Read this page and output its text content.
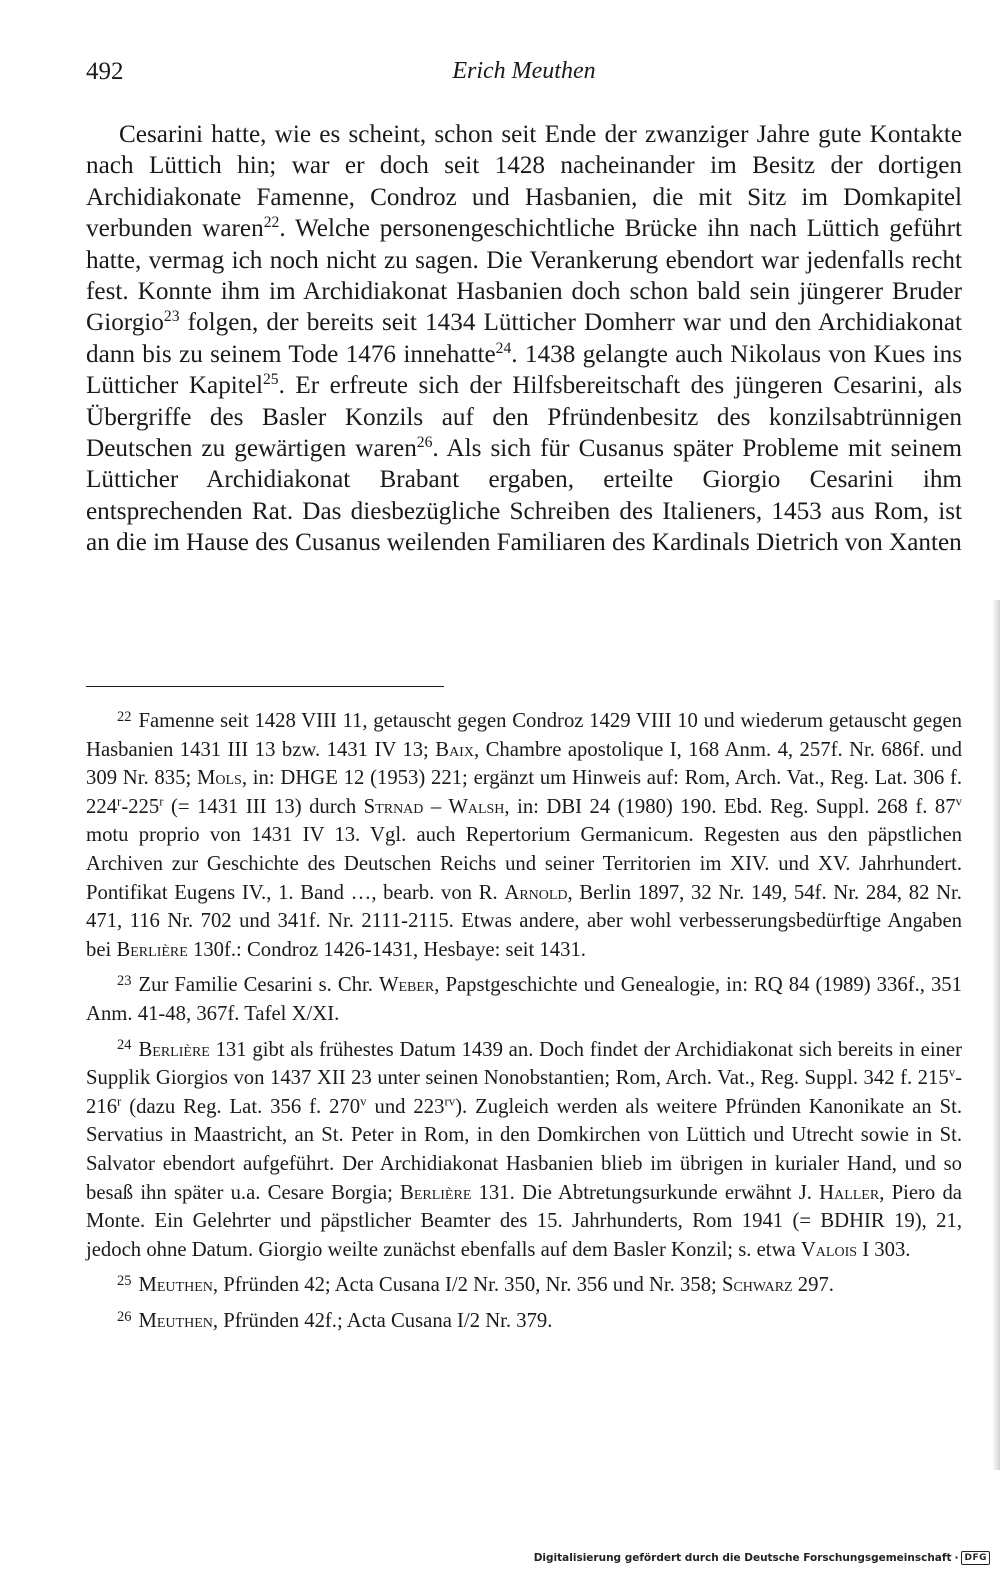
492	Erich Meuthen

Cesarini hatte, wie es scheint, schon seit Ende der zwanziger Jahre gute Kontakte nach Lüttich hin; war er doch seit 1428 nacheinander im Besitz der dortigen Archidiakonate Famenne, Condroz und Hasbanien, die mit Sitz im Domkapitel verbunden waren$^{22}$. Welche personengeschichtliche Brücke ihn nach Lüttich geführt hatte, vermag ich noch nicht zu sagen. Die Verankerung ebendort war jedenfalls recht fest. Konnte ihm im Archidiakonat Hasbanien doch schon bald sein jüngerer Bruder Giorgio$^{23}$ folgen, der bereits seit 1434 Lütticher Domherr war und den Archidiakonat dann bis zu seinem Tode 1476 innehatte$^{24}$. 1438 gelangte auch Nikolaus von Kues ins Lütticher Kapitel$^{25}$. Er erfreute sich der Hilfsbereitschaft des jüngeren Cesarini, als Übergriffe des Basler Konzils auf den Pfründenbesitz des konzilsabtrünnigen Deutschen zu gewärtigen waren$^{26}$. Als sich für Cusanus später Probleme mit seinem Lütticher Archidiakonat Brabant ergaben, erteilte Giorgio Cesarini ihm entsprechenden Rat. Das diesbezügliche Schreiben des Italieners, 1453 aus Rom, ist an die im Hause des Cusanus weilenden Familiaren des Kardinals Dietrich von Xanten

$^{22}$ Famenne seit 1428 VIII 11, getauscht gegen Condroz 1429 VIII 10 und wiederum getauscht gegen Hasbanien 1431 III 13 bzw. 1431 IV 13; Baix, Chambre apostolique I, 168 Anm. 4, 257f. Nr. 686f. und 309 Nr. 835; Mols, in: DHGE 12 (1953) 221; ergänzt um Hinweis auf: Rom, Arch. Vat., Reg. Lat. 306 f. 224$^r$-225$^r$ (= 1431 III 13) durch Strnad – Walsh, in: DBI 24 (1980) 190. Ebd. Reg. Suppl. 268 f. 87$^v$ motu proprio von 1431 IV 13. Vgl. auch Repertorium Germanicum. Regesten aus den päpstlichen Archiven zur Geschichte des Deutschen Reichs und seiner Territorien im XIV. und XV. Jahrhundert. Pontifikat Eugens IV., 1. Band …, bearb. von R. Arnold, Berlin 1897, 32 Nr. 149, 54f. Nr. 284, 82 Nr. 471, 116 Nr. 702 und 341f. Nr. 2111-2115. Etwas andere, aber wohl verbesserungsbedürftige Angaben bei Berlière 130f.: Condroz 1426-1431, Hesbaye: seit 1431.

$^{23}$ Zur Familie Cesarini s. Chr. Weber, Papstgeschichte und Genealogie, in: RQ 84 (1989) 336f., 351 Anm. 41-48, 367f. Tafel X/XI.

$^{24}$ Berlière 131 gibt als frühestes Datum 1439 an. Doch findet der Archidiakonat sich bereits in einer Supplik Giorgios von 1437 XII 23 unter seinen Nonobstantien; Rom, Arch. Vat., Reg. Suppl. 342 f. 215$^v$-216$^r$ (dazu Reg. Lat. 356 f. 270$^v$ und $223^{rv}$). Zugleich werden als weitere Pfründen Kanonikate an St. Servatius in Maastricht, an St. Peter in Rom, in den Domkirchen von Lüttich und Utrecht sowie in St. Salvator ebendort aufgeführt. Der Archidiakonat Hasbanien blieb im übrigen in kurialer Hand, und so besaß ihn später u.a. Cesare Borgia; Berlière 131. Die Abtretungsurkunde erwähnt J. Haller, Piero da Monte. Ein Gelehrter und päpstlicher Beamter des 15. Jahrhunderts, Rom 1941 (= BDHIR 19), 21, jedoch ohne Datum. Giorgio weilte zunächst ebenfalls auf dem Basler Konzil; s. etwa Valois I 303.

$^{25}$ Meuthen, Pfründen 42; Acta Cusana I/2 Nr. 350, Nr. 356 und Nr. 358; Schwarz 297.

$^{26}$ Meuthen, Pfründen 42f.; Acta Cusana I/2 Nr. 379.

Digitalisierung gefördert durch die Deutsche Forschungsgemeinschaft · DFG
